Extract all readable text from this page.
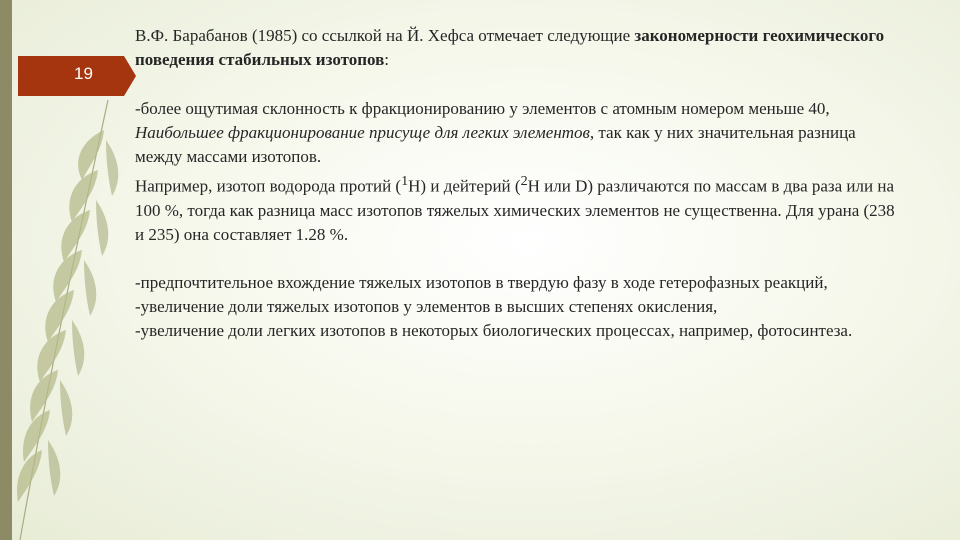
19

В.Ф. Барабанов (1985) со ссылкой на Й. Хефса отмечает следующие закономерности геохимического поведения стабильных изотопов:

-более ощутимая склонность к фракционированию у элементов с атомным номером меньше 40,

Наибольшее фракционирование присуще для легких элементов, так как у них значительная разница между массами изотопов.

Например, изотоп водорода протий ($^1$H) и дейтерий ($^2$H или D) различаются по массам в два раза или на 100 %, тогда как разница масс изотопов тяжелых химических элементов не существенна. Для урана (238 и 235) она составляет 1.28 %.

-предпочтительное вхождение тяжелых изотопов в твердую фазу в ходе гетерофазных реакций,

-увеличение доли тяжелых изотопов у элементов в высших степенях окисления,

-увеличение доли легких изотопов в некоторых биологических процессах, например, фотосинтеза.
